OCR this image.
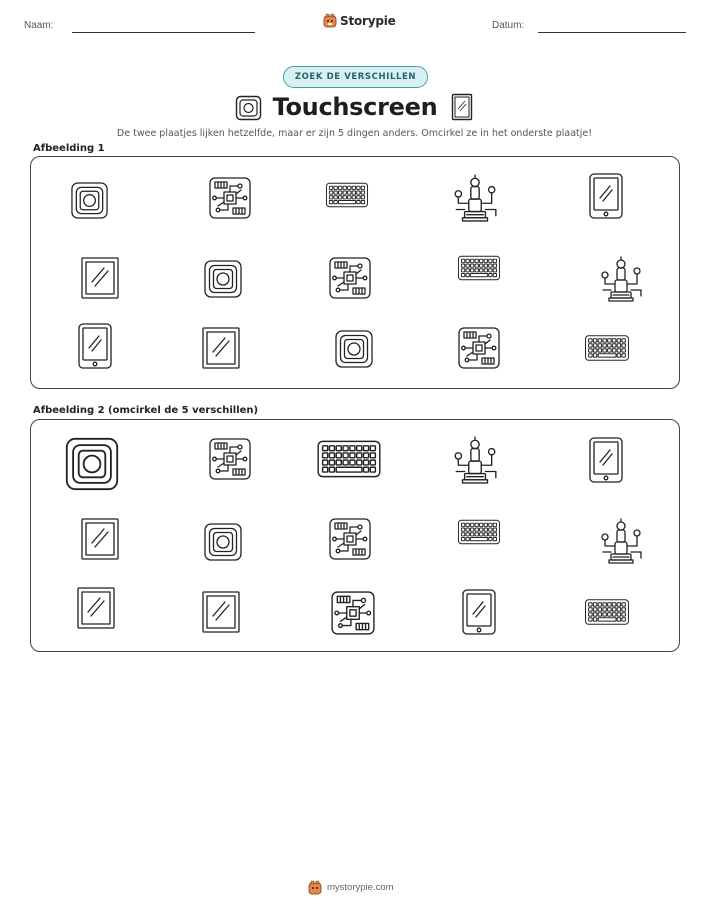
Naam:	Datum:
Storypie
ZOEK DE VERSCHILLEN
Touchscreen
De twee plaatjes lijken hetzelfde, maar er zijn 5 dingen anders. Omcirkel ze in het onderste plaatje!
Afbeelding 1
Afbeelding 2 (omcirkel de 5 verschillen)
mystorypie.com
